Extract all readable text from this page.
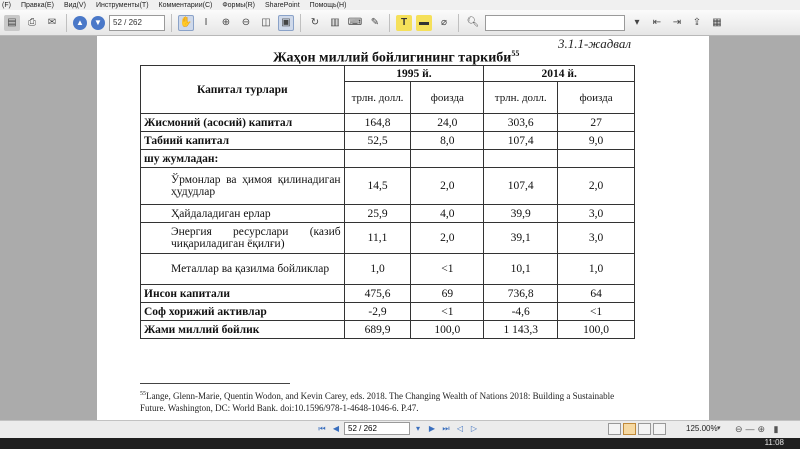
(F) Правка(E) Вид(V) Инструменты(T) Комментарии(C) Формы(R) SharePoint Помощь(H)
▤	⎙	✉	▲	▼	52 / 262	✋	I	⊕	⊖	◫	▣	↻	▥ ⌨ ✎	T	▬	⌀	🔍︎	▾	⇤	⇥	⇪	▦
3.1.1-жадвал
Жаҳон миллий бойлигининг таркиби$^{55}$
Капитал турлари	1995 й.		2014 й.	
	трлн. долл.	фоизда	трлн. долл.	фоизда
Жисмоний (асосий) капитал	164,8	24,0	303,6	27
Табиий капитал	52,5	8,0	107,4	9,0
шу жумладан:				
Ўрмонлар ва ҳимоя қилинадиган ҳудудлар	14,5	2,0	107,4	2,0
Ҳайдаладиган ерлар	25,9	4,0	39,9	3,0
Энергия ресурслари (казиб чиқариладиган ёқилғи)	11,1	2,0	39,1	3,0
Металлар ва қазилма бойликлар	1,0	<1	10,1	1,0
Инсон капитали	475,6	69	736,8	64
Соф хорижий активлар	-2,9	<1	-4,6	<1
Жами миллий бойлик	689,9	100,0	1 143,3	100,0
$^{55}$Lange, Glenn-Marie, Quentin Wodon, and Kevin Carey, eds. 2018. The Changing Wealth of Nations 2018: Building a Sustainable Future. Washington, DC: World Bank. doi:10.1596/978-1-4648-1046-6. P.47.
⏮ ◀	52 / 262	▾	▶ ⏭ ◁ ▷	125.00% ▾ ⊖ — ⊕ ▮
11:08
